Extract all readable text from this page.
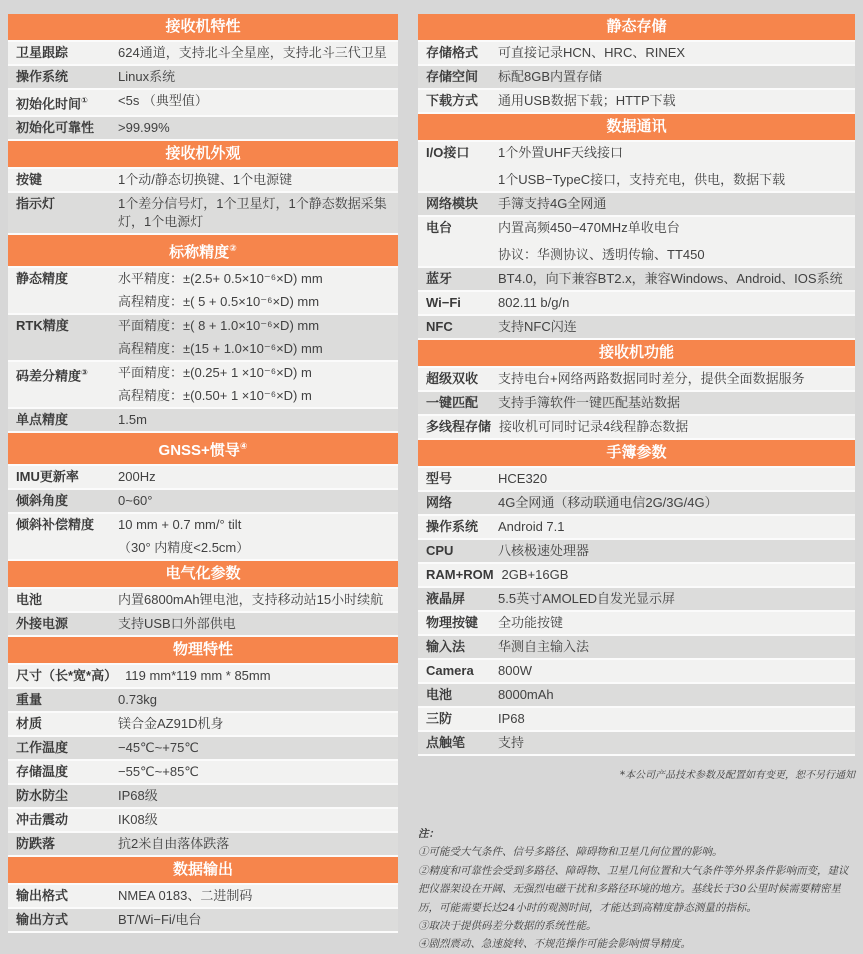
接收机特性
卫星跟踪	624通道，支持北斗全星座，支持北斗三代卫星
操作系统	Linux系统
初始化时间①	<5s （典型值）
初始化可靠性	>99.99%
接收机外观
按键	1个动/静态切换键、1个电源键
指示灯	1个差分信号灯，1个卫星灯，1个静态数据采集灯，1个电源灯
标称精度②
静态精度	水平精度：±(2.5+ 0.5×10⁻⁶×D) mm
高程精度：±( 5 + 0.5×10⁻⁶×D) mm
RTK精度	平面精度：±( 8 + 1.0×10⁻⁶×D) mm
高程精度：±(15 + 1.0×10⁻⁶×D) mm
码差分精度③	平面精度：±(0.25+ 1 ×10⁻⁶×D) m
高程精度：±(0.50+ 1 ×10⁻⁶×D) m
单点精度	1.5m
GNSS+惯导④
IMU更新率	200Hz
倾斜角度	0~60°
倾斜补偿精度	10 mm + 0.7 mm/° tilt
（30° 内精度<2.5cm）
电气化参数
电池	内置6800mAh锂电池，支持移动站15小时续航
外接电源	支持USB口外部供电
物理特性
尺寸（长*宽*高） 119 mm*119 mm * 85mm
重量	0.73kg
材质	镁合金AZ91D机身
工作温度	−45℃~+75℃
存储温度	−55℃~+85℃
防水防尘	IP68级
冲击震动	IK08级
防跌落	抗2米自由落体跌落
数据输出
输出格式	NMEA 0183、二进制码
输出方式	BT/Wi−Fi/电台
静态存储
存储格式	可直接记录HCN、HRC、RINEX
存储空间	标配8GB内置存储
下载方式	通用USB数据下载；HTTP下载
数据通讯
I/O接口	1个外置UHF天线接口
1个USB−TypeC接口，支持充电，供电，数据下载
网络模块	手簿支持4G全网通
电台	内置高频450−470MHz单收电台
协议：华测协议、透明传输、TT450
蓝牙	BT4.0，向下兼容BT2.x，兼容Windows、Android、IOS系统
Wi−Fi	802.11 b/g/n
NFC	支持NFC闪连
接收机功能
超级双收	支持电台+网络两路数据同时差分，提供全面数据服务
一键匹配	支持手簿软件一键匹配基站数据
多线程存储 接收机可同时记录4线程静态数据
手簿参数
型号	HCE320
网络	4G全网通（移动联通电信2G/3G/4G）
操作系统	Android 7.1
CPU	八核极速处理器
RAM+ROM 2GB+16GB
液晶屏	5.5英寸AMOLED自发光显示屏
物理按键	全功能按键
输入法	华测自主输入法
Camera	800W
电池	8000mAh
三防	IP68
点触笔	支持
*本公司产品技术参数及配置如有变更，恕不另行通知
注：
①可能受大气条件、信号多路径、障碍物和卫星几何位置的影响。
②精度和可靠性会受到多路径、障碍物、卫星几何位置和大气条件等外界条件影响而变，建议把仪器架设在开阔、无强烈电磁干扰和多路径环境的地方。基线长于30公里时候需要精密星历，可能需要长达24小时的观测时间，才能达到高精度静态测量的指标。
③取决于提供码差分数据的系统性能。
④剧烈震动、急速旋转、不规范操作可能会影响惯导精度。
